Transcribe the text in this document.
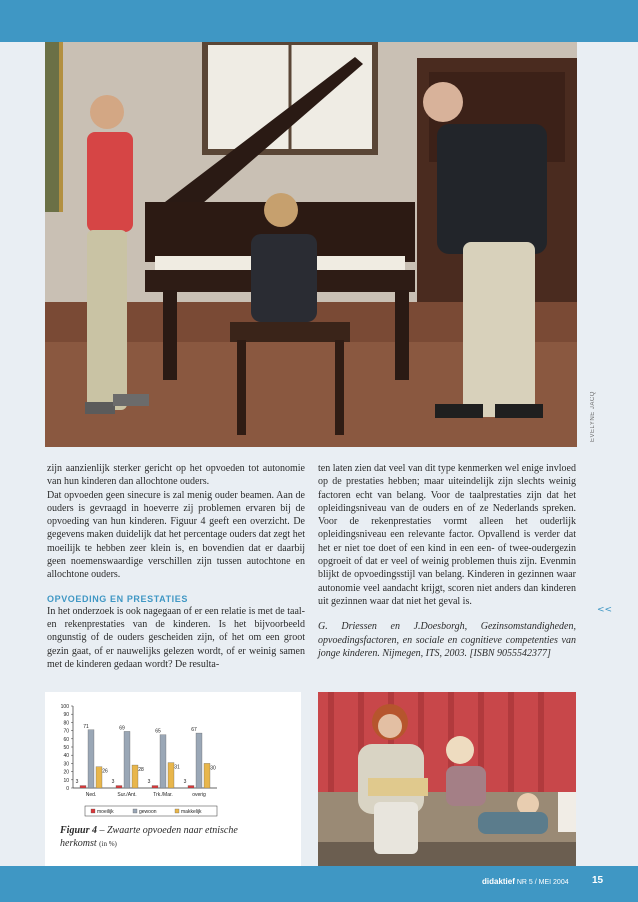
EVELYNE JACQ

zijn aanzienlijk sterker gericht op het opvoeden tot autonomie van hun kinderen dan allochtone ouders.

Dat opvoeden geen sinecure is zal menig ouder beamen. Aan de ouders is gevraagd in hoeverre zij problemen ervaren bij de opvoeding van hun kinderen. Figuur 4 geeft een overzicht. De gegevens maken duidelijk dat het percentage ouders dat zegt het moeilijk te hebben zeer klein is, en bovendien dat er daarbij geen noemenswaardige verschillen zijn tussen autochtone en allochtone ouders.

OPVOEDING EN PRESTATIES

In het onderzoek is ook nagegaan of er een relatie is met de taal- en rekenprestaties van de kinderen. Is het bijvoorbeeld ongunstig of de ouders gescheiden zijn, of het om een groot gezin gaat, of er nauwelijks gelezen wordt, of er weinig samen met de kinderen gedaan wordt? De resulta-

ten laten zien dat veel van dit type kenmerken wel enige invloed op de prestaties hebben; maar uiteindelijk zijn slechts weinig factoren echt van belang. Voor de taalprestaties zijn dat het opleidingsniveau van de ouders en of ze Nederlands spreken. Voor de rekenprestaties vormt alleen het ouderlijk opleidingsniveau een relevante factor. Opvallend is verder dat het er niet toe doet of een kind in een een- of twee-oudergezin opgroeit of dat er veel of weinig problemen thuis zijn. Evenmin blijkt de opvoedingsstijl van belang. Kinderen in gezinnen waar autonomie veel aandacht krijgt, scoren niet anders dan kinderen uit gezinnen waar dat niet het geval is.

G. Driessen en J.Doesborgh, Gezinsomstandigheden, opvoedingsfactoren, en sociale en cognitieve competenties van jonge kinderen. Nijmegen, ITS, 2003. [ISBN 9055542377]

<<
0
10
20
30
40
50
60
70
80
90
100
3
71
26
Ned.
3
69
28
Sur./Ant.
3
65
31
Trk./Mar.
3
67
30
overig
moeilijk	gewoon	makkelijk
Figuur 4 – Zwaarte opvoeden naar etnische herkomst (in %)
didaktief NR 5 / MEI 2004 15
